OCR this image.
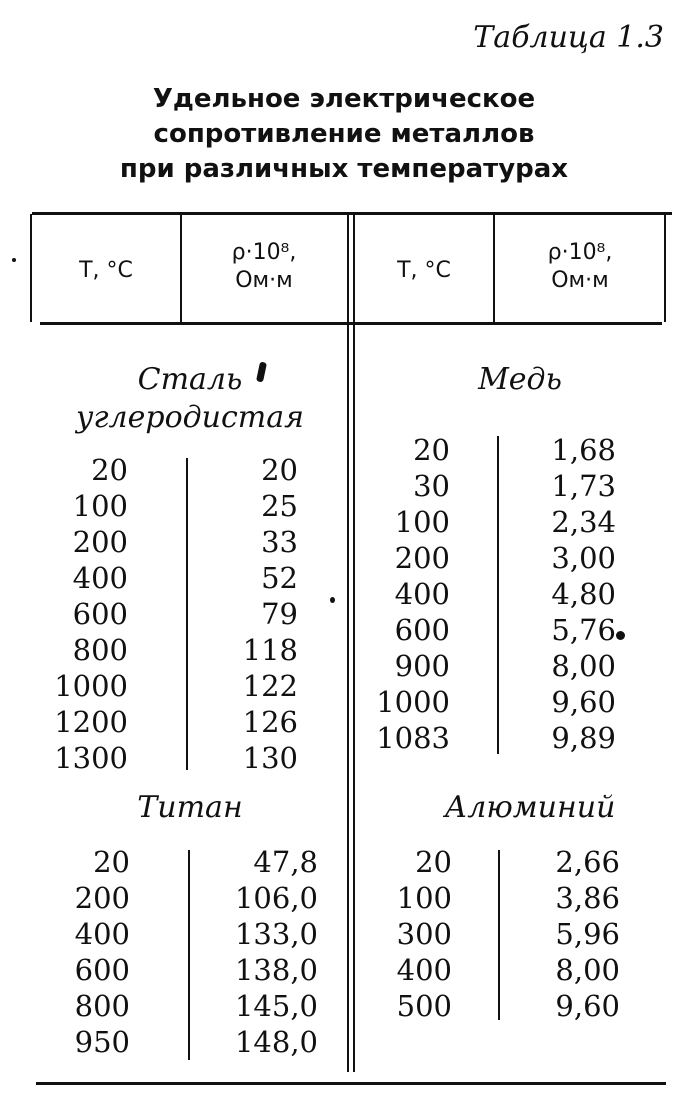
Таблица 1.3
Удельное электрическое
сопротивление металлов
при различных температурах
T, °C
ρ·10⁸,
Ом·м	T, °C
ρ·10⁸,
Ом·м
Сталь
углеродистая
Медь
Титан	Алюминий
20
100
200
400
600
800
1000
1200
1300
20
25
33
52
79
118
122
126
130
20
30
100
200
400
600
900
1000
1083
1,68
1,73
2,34
3,00
4,80
5,76
8,00
9,60
9,89
20
200
400
600
800
950
47,8
106,0
133,0
138,0
145,0
148,0
20
100
300
400
500
2,66
3,86
5,96
8,00
9,60
